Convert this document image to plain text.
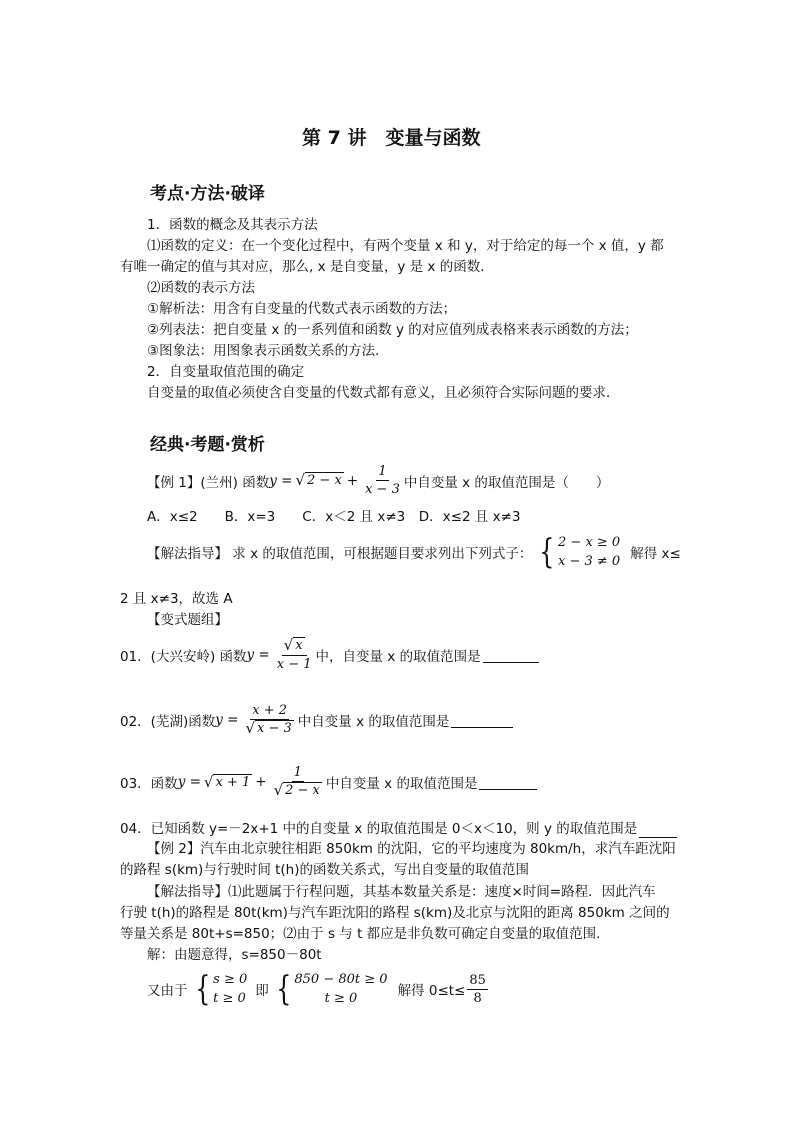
第 7 讲　变量与函数
考点·方法·破译
1．函数的概念及其表示方法
⑴函数的定义：在一个变化过程中，有两个变量 x 和 y，对于给定的每一个 x 值，y 都
有唯一确定的值与其对应，那么, x 是自变量，y 是 x 的函数．
⑵函数的表示方法
①解析法：用含有自变量的代数式表示函数的方法；
②列表法：把自变量 x 的一系列值和函数 y 的对应值列成表格来表示函数的方法；
③图象法：用图象表示函数关系的方法．
2．自变量取值范围的确定
自变量的取值必须使含自变量的代数式都有意义，且必须符合实际问题的要求．
经典·考题·赏析
【例 1】(兰州) 函数 y = √ $2 - x + \frac{1}{x - 3}$ 中自变量 x 的取值范围是（　　）
A．x≤2　　B．x=3　　C．x＜2 且 x≠3　D．x≤2 且 x≠3
【解法指导】 求 x 的取值范围，可根据题目要求列出下列式子： { 2 − x ≥ 0
x − 3 ≠ 0 解得 x≤
2 且 x≠3，故选 A
【变式题组】
01．(大兴安岭) 函数 $y = \frac{√ x}{x - 1}$ 中，自变量 x 的取值范围是
02．(芜湖)函数 $y = \frac{x + 2}{√ x - 3}$ 中自变量 x 的取值范围是
03．函数 y = √ $x + 1 + \frac{1}{√ 2 - x}$ 中自变量 x 的取值范围是
04．已知函数 y=－2x+1 中的自变量 x 的取值范围是 0＜x＜10，则 y 的取值范围是
【例 2】汽车由北京驶往相距 850km 的沈阳，它的平均速度为 80km/h，求汽车距沈阳
的路程 s(km)与行驶时间 t(h)的函数关系式，写出自变量的取值范围
【解法指导】⑴此题属于行程问题，其基本数量关系是：速度×时间=路程．因此汽车
行驶 t(h)的路程是 80t(km)与汽车距沈阳的路程 s(km)及北京与沈阳的距离 850km 之间的
等量关系是 80t+s=850；⑵由于 s 与 t 都应是非负数可确定自变量的取值范围．
解：由题意得，s=850－80t
又由于 { s ≥ 0
t ≥ 0 即 { 850 − 80t ≥ 0
t ≥ 0	解得 $0\le t\le \frac{85}{8}$
